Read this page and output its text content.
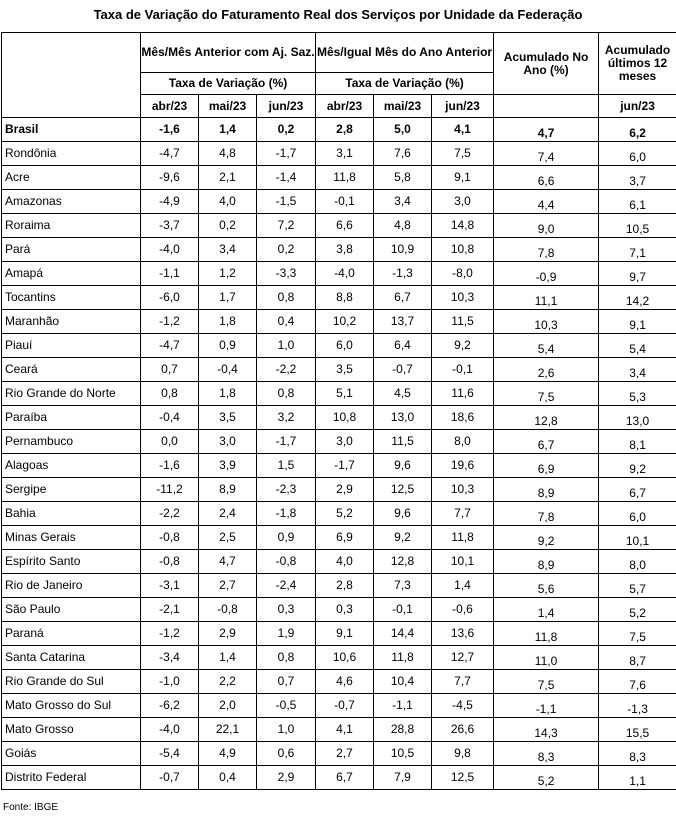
Taxa de Variação do Faturamento Real dos Serviços por Unidade da Federação
	Mês/Mês Anterior com Aj. Saz.			Mês/Igual Mês do Ano Anterior			Acumulado No Ano (%)	Acumulado últimos 12 meses
	Taxa de Variação (%)			Taxa de Variação (%)				
	abr/23	mai/23	jun/23	abr/23	mai/23	jun/23		jun/23
Brasil	-1,6	1,4	0,2	2,8	5,0	4,1	4,7	6,2
Rondônia	-4,7	4,8	-1,7	3,1	7,6	7,5	7,4	6,0
Acre	-9,6	2,1	-1,4	11,8	5,8	9,1	6,6	3,7
Amazonas	-4,9	4,0	-1,5	-0,1	3,4	3,0	4,4	6,1
Roraima	-3,7	0,2	7,2	6,6	4,8	14,8	9,0	10,5
Pará	-4,0	3,4	0,2	3,8	10,9	10,8	7,8	7,1
Amapá	-1,1	1,2	-3,3	-4,0	-1,3	-8,0	-0,9	9,7
Tocantins	-6,0	1,7	0,8	8,8	6,7	10,3	11,1	14,2
Maranhão	-1,2	1,8	0,4	10,2	13,7	11,5	10,3	9,1
Piauí	-4,7	0,9	1,0	6,0	6,4	9,2	5,4	5,4
Ceará	0,7	-0,4	-2,2	3,5	-0,7	-0,1	2,6	3,4
Rio Grande do Norte	0,8	1,8	0,8	5,1	4,5	11,6	7,5	5,3
Paraíba	-0,4	3,5	3,2	10,8	13,0	18,6	12,8	13,0
Pernambuco	0,0	3,0	-1,7	3,0	11,5	8,0	6,7	8,1
Alagoas	-1,6	3,9	1,5	-1,7	9,6	19,6	6,9	9,2
Sergipe	-11,2	8,9	-2,3	2,9	12,5	10,3	8,9	6,7
Bahia	-2,2	2,4	-1,8	5,2	9,6	7,7	7,8	6,0
Minas Gerais	-0,8	2,5	0,9	6,9	9,2	11,8	9,2	10,1
Espírito Santo	-0,8	4,7	-0,8	4,0	12,8	10,1	8,9	8,0
Rio de Janeiro	-3,1	2,7	-2,4	2,8	7,3	1,4	5,6	5,7
São Paulo	-2,1	-0,8	0,3	0,3	-0,1	-0,6	1,4	5,2
Paraná	-1,2	2,9	1,9	9,1	14,4	13,6	11,8	7,5
Santa Catarina	-3,4	1,4	0,8	10,6	11,8	12,7	11,0	8,7
Rio Grande do Sul	-1,0	2,2	0,7	4,6	10,4	7,7	7,5	7,6
Mato Grosso do Sul	-6,2	2,0	-0,5	-0,7	-1,1	-4,5	-1,1	-1,3
Mato Grosso	-4,0	22,1	1,0	4,1	28,8	26,6	14,3	15,5
Goiás	-5,4	4,9	0,6	2,7	10,5	9,8	8,3	8,3
Distrito Federal	-0,7	0,4	2,9	6,7	7,9	12,5	5,2	1,1
Fonte: IBGE
